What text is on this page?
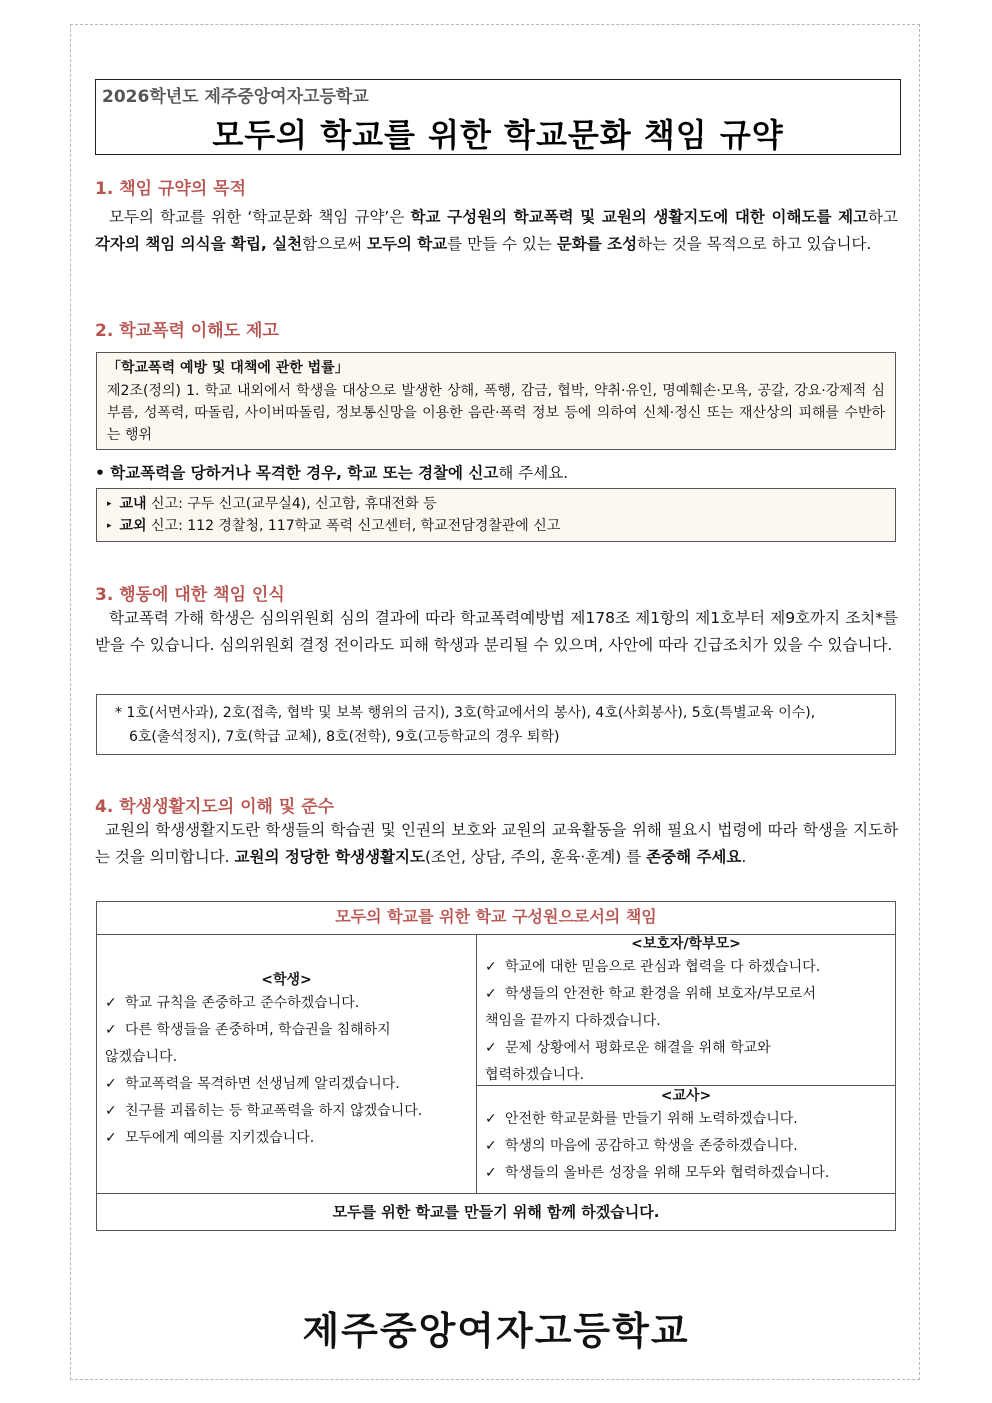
2026학년도 제주중앙여자고등학교
모두의 학교를 위한 학교문화 책임 규약
1. 책임 규약의 목적

모두의 학교를 위한 ‘학교문화 책임 규약’은 학교 구성원의 학교폭력 및 교원의 생활지도에 대한 이해도를 제고하고 각자의 책임 의식을 확립, 실천함으로써 모두의 학교를 만들 수 있는 문화를 조성하는 것을 목적으로 하고 있습니다.

2. 학교폭력 이해도 제고
「학교폭력 예방 및 대책에 관한 법률」
제2조(정의) 1. 학교 내외에서 학생을 대상으로 발생한 상해, 폭행, 감금, 협박, 약취·유인, 명예훼손·모욕, 공갈, 강요·강제적 심부름, 성폭력, 따돌림, 사이버따돌림, 정보통신망을 이용한 음란·폭력 정보 등에 의하여 신체·정신 또는 재산상의 피해를 수반하는 행위
• 학교폭력을 당하거나 목격한 경우, 학교 또는 경찰에 신고해 주세요.
▸ 교내 신고: 구두 신고(교무실4), 신고함, 휴대전화 등
▸ 교외 신고: 112 경찰청, 117학교 폭력 신고센터, 학교전담경찰관에 신고
3. 행동에 대한 책임 인식

학교폭력 가해 학생은 심의위원회 심의 결과에 따라 학교폭력예방법 제178조 제1항의 제1호부터 제9호까지 조치*를 받을 수 있습니다. 심의위원회 결정 전이라도 피해 학생과 분리될 수 있으며, 사안에 따라 긴급조치가 있을 수 있습니다.

* 1호(서면사과), 2호(접촉, 협박 및 보복 행위의 금지), 3호(학교에서의 봉사), 4호(사회봉사), 5호(특별교육 이수),
6호(출석정지), 7호(학급 교체), 8호(전학), 9호(고등학교의 경우 퇴학)
4. 학생생활지도의 이해 및 준수

교원의 학생생활지도란 학생들의 학습권 및 인권의 보호와 교원의 교육활동을 위해 필요시 법령에 따라 학생을 지도하는 것을 의미합니다. 교원의 정당한 학생생활지도(조언, 상담, 주의, 훈육·훈계) 를 존중해 주세요.

모두의 학교를 위한 학교 구성원으로서의 책임
<학생>
✓ 학교 규칙을 존중하고 준수하겠습니다.
✓ 다른 학생들을 존중하며, 학습권을 침해하지
않겠습니다.
✓ 학교폭력을 목격하면 선생님께 알리겠습니다.
✓ 친구를 괴롭히는 등 학교폭력을 하지 않겠습니다.
✓ 모두에게 예의를 지키겠습니다.
<보호자/학부모>
✓ 학교에 대한 믿음으로 관심과 협력을 다 하겠습니다.
✓ 학생들의 안전한 학교 환경을 위해 보호자/부모로서
책임을 끝까지 다하겠습니다.
✓ 문제 상황에서 평화로운 해결을 위해 학교와
협력하겠습니다.
<교사>
✓ 안전한 학교문화를 만들기 위해 노력하겠습니다.
✓ 학생의 마음에 공감하고 학생을 존중하겠습니다.
✓ 학생들의 올바른 성장을 위해 모두와 협력하겠습니다.
모두를 위한 학교를 만들기 위해 함께 하겠습니다.
제주중앙여자고등학교
